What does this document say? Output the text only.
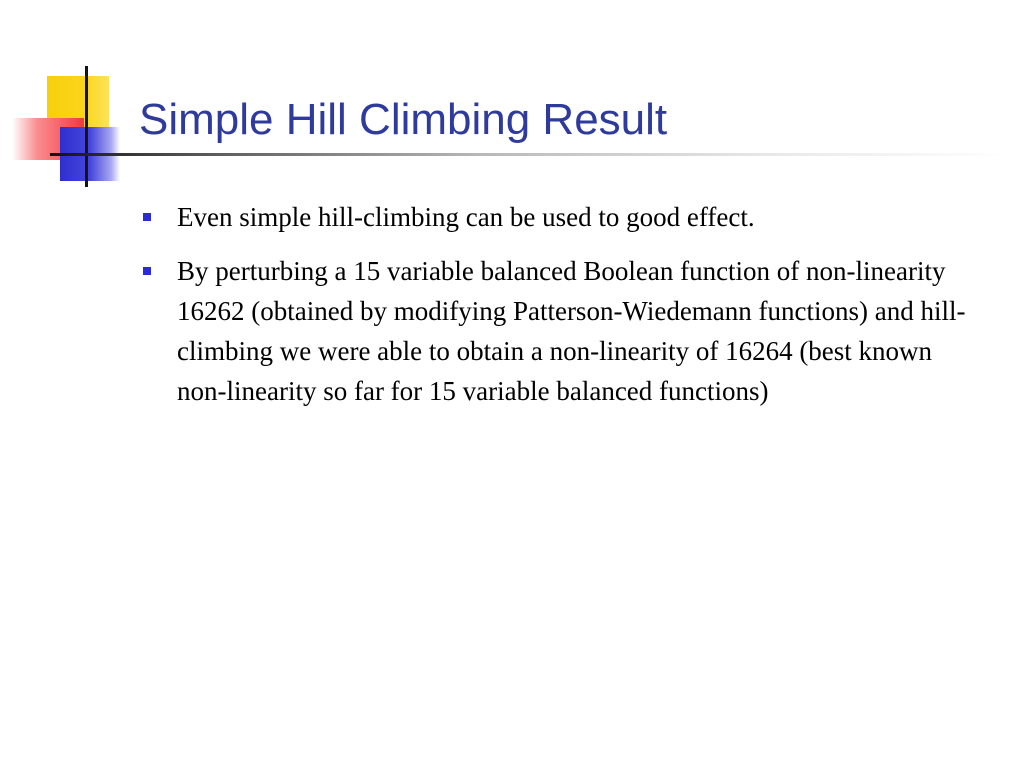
Simple Hill Climbing Result
Even simple hill-climbing can be used to good effect.
By perturbing a 15 variable balanced Boolean function of non-linearity 16262 (obtained by modifying Patterson-Wiedemann functions) and hill-climbing we were able to obtain a non-linearity of 16264 (best known non-linearity so far for 15 variable balanced functions)
